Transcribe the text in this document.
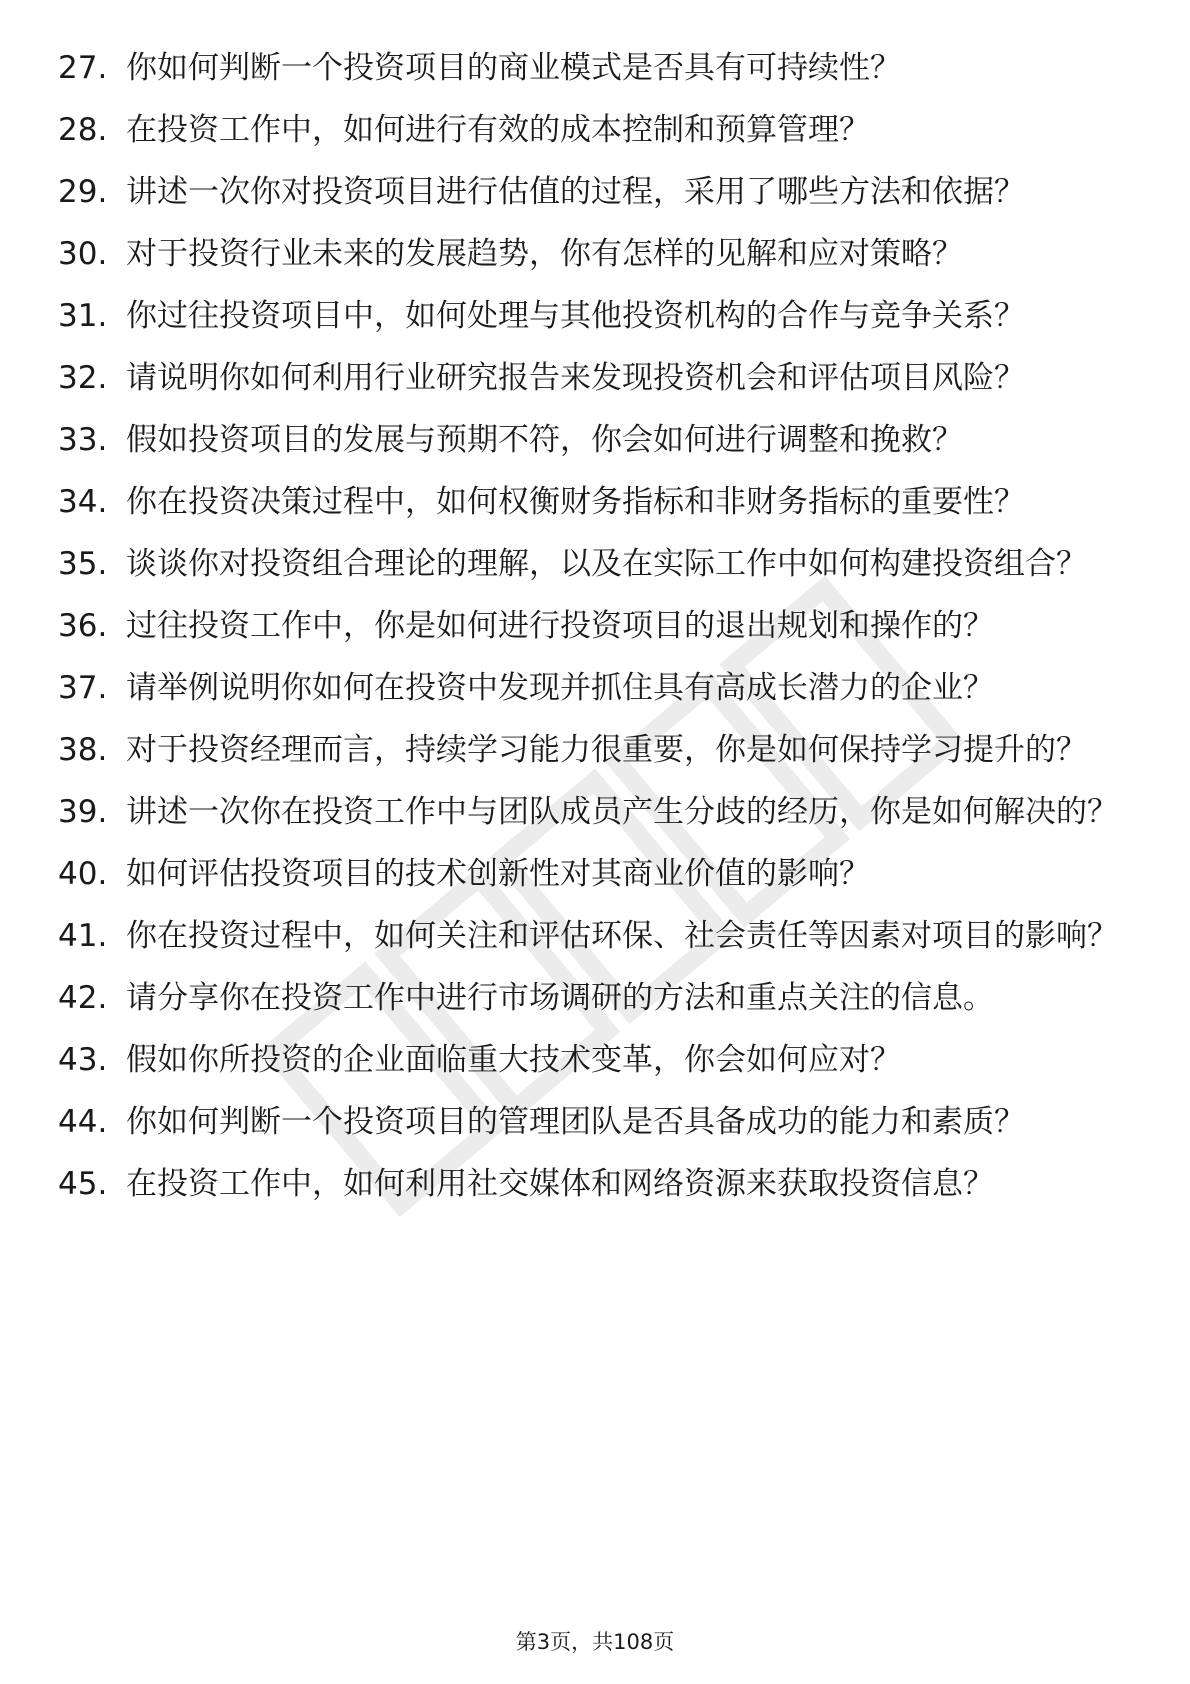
27. 你如何判断一个投资项目的商业模式是否具有可持续性？
28. 在投资工作中，如何进行有效的成本控制和预算管理？
29. 讲述一次你对投资项目进行估值的过程，采用了哪些方法和依据？
30. 对于投资行业未来的发展趋势，你有怎样的见解和应对策略？
31. 你过往投资项目中，如何处理与其他投资机构的合作与竞争关系？
32. 请说明你如何利用行业研究报告来发现投资机会和评估项目风险？
33. 假如投资项目的发展与预期不符，你会如何进行调整和挽救？
34. 你在投资决策过程中，如何权衡财务指标和非财务指标的重要性？
35. 谈谈你对投资组合理论的理解，以及在实际工作中如何构建投资组合？
36. 过往投资工作中，你是如何进行投资项目的退出规划和操作的？
37. 请举例说明你如何在投资中发现并抓住具有高成长潜力的企业？
38. 对于投资经理而言，持续学习能力很重要，你是如何保持学习提升的？
39. 讲述一次你在投资工作中与团队成员产生分歧的经历，你是如何解决的？
40. 如何评估投资项目的技术创新性对其商业价值的影响？
41. 你在投资过程中，如何关注和评估环保、社会责任等因素对项目的影响？
42. 请分享你在投资工作中进行市场调研的方法和重点关注的信息。
43. 假如你所投资的企业面临重大技术变革，你会如何应对？
44. 你如何判断一个投资项目的管理团队是否具备成功的能力和素质？
45. 在投资工作中，如何利用社交媒体和网络资源来获取投资信息？
第3页，共108页
